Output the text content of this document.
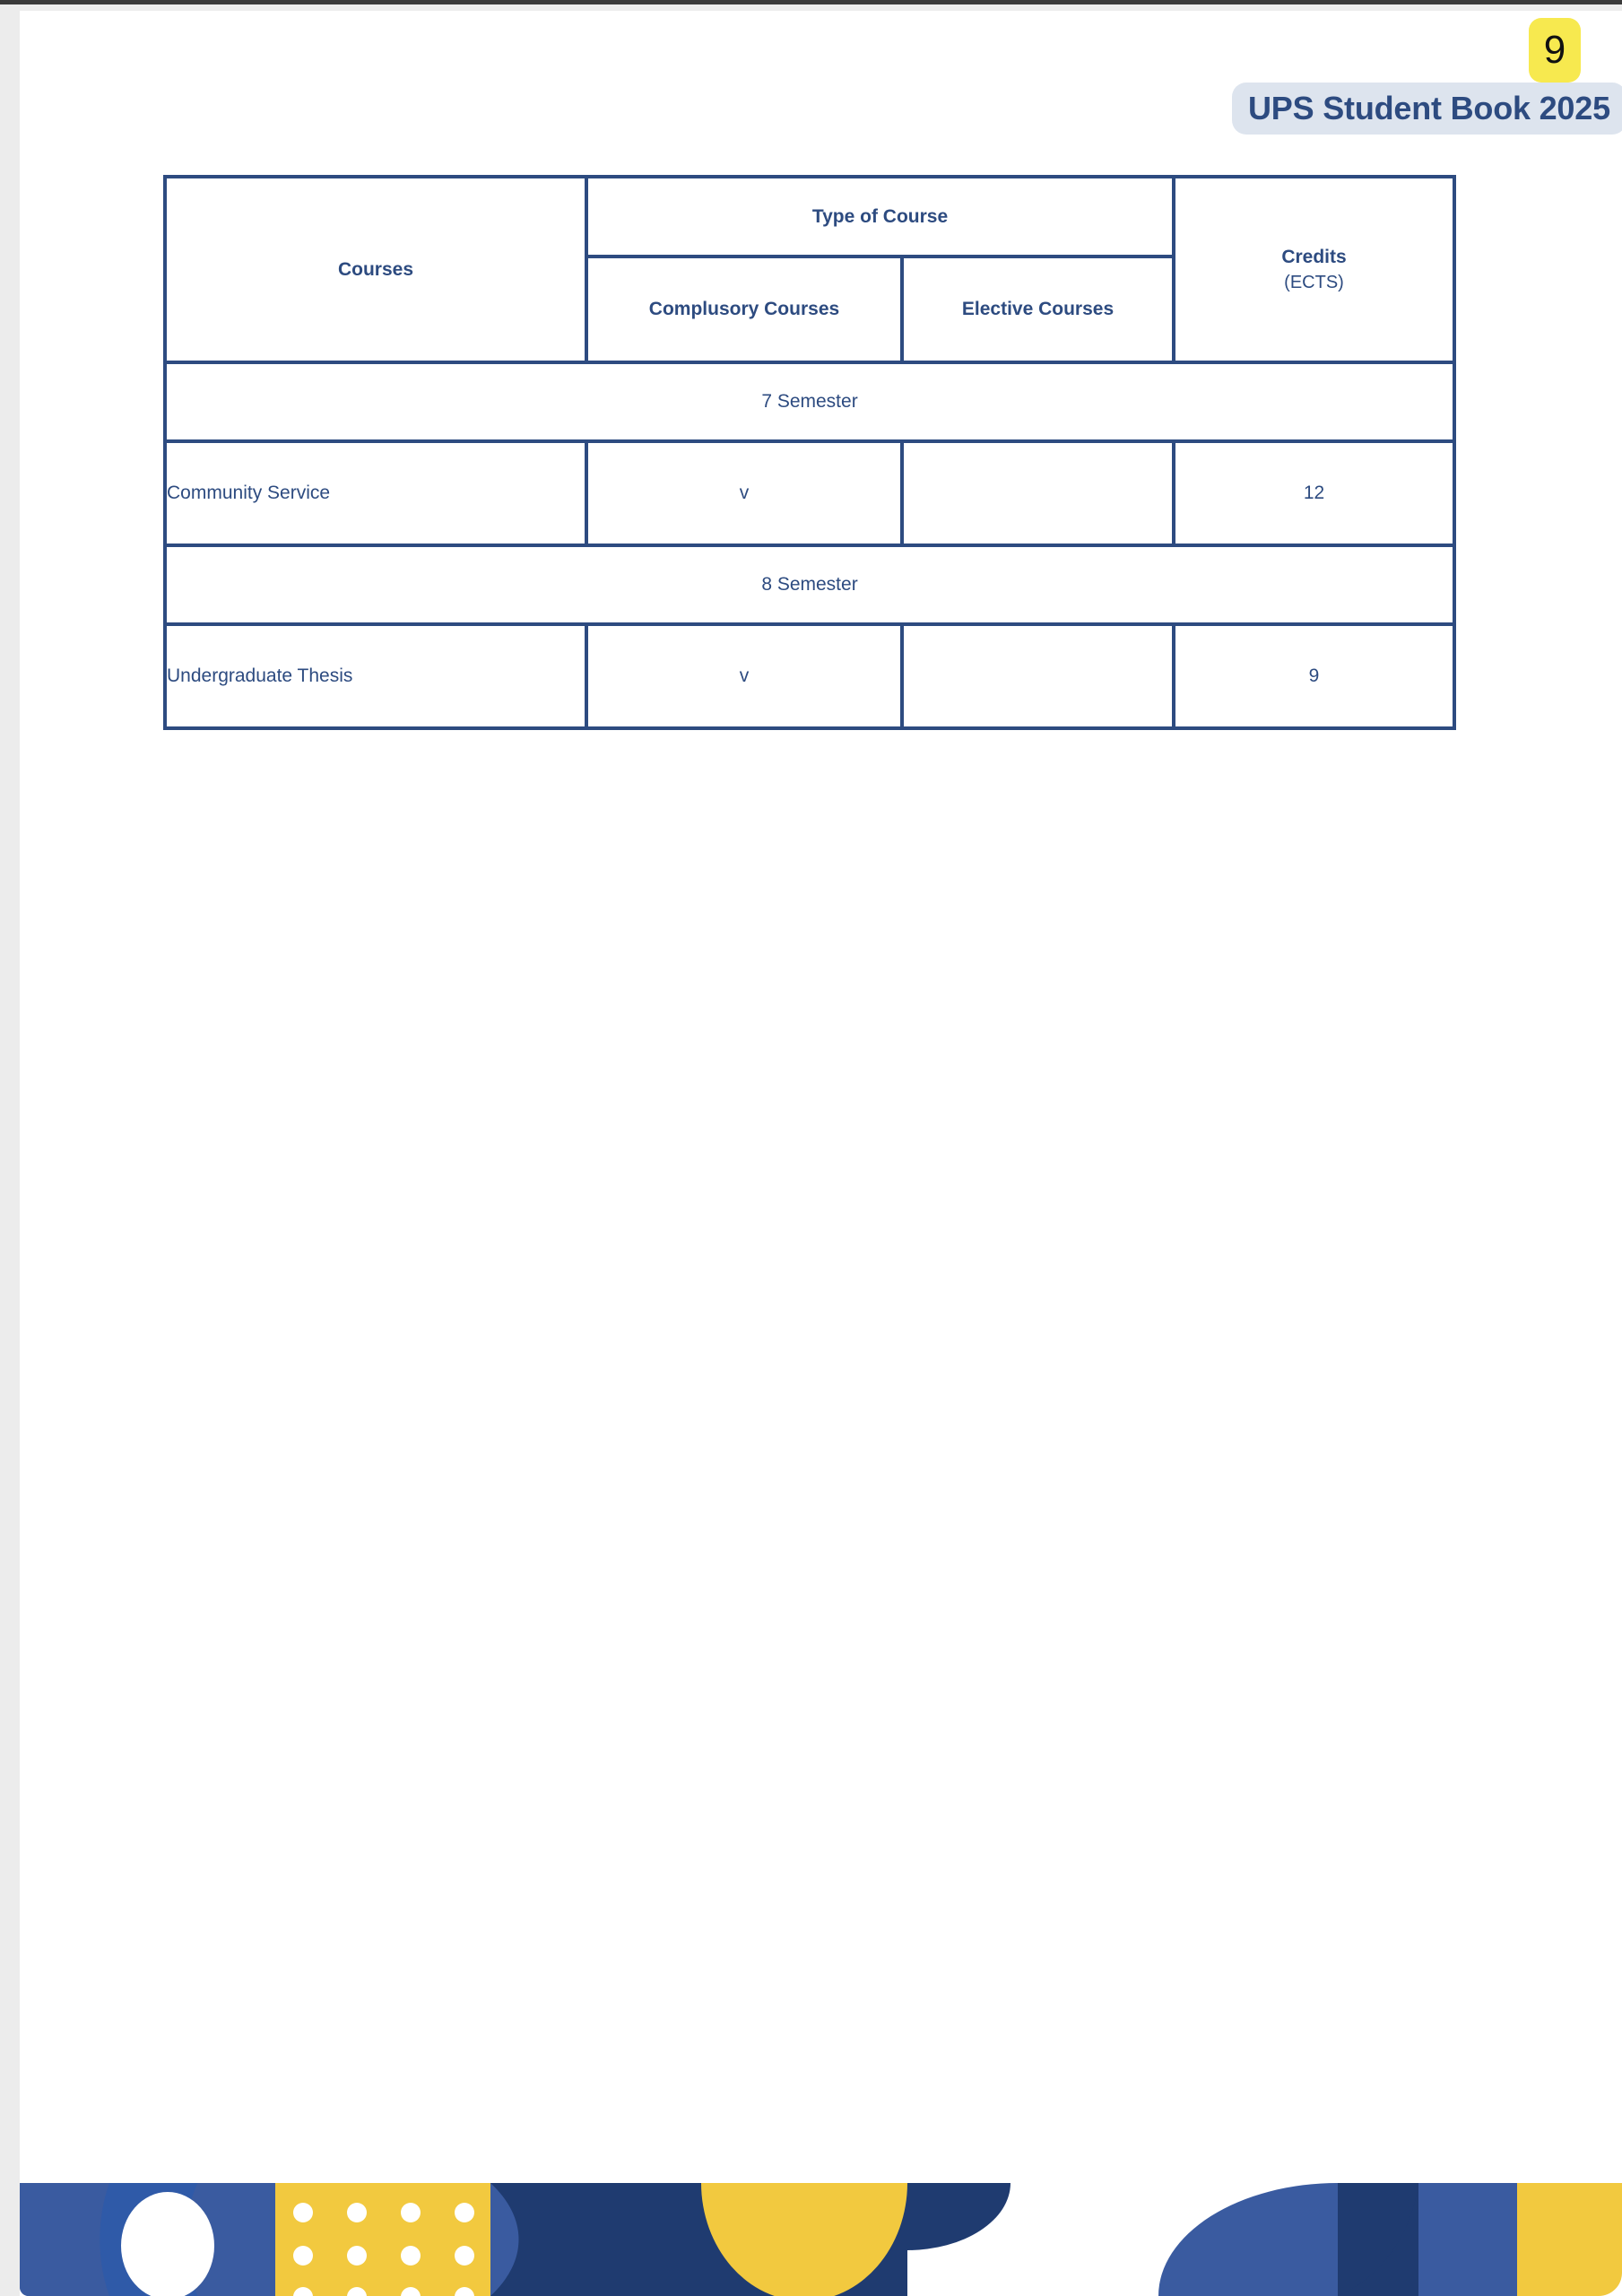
9
UPS Student Book 2025
Courses	Type of Course		Credits
(ECTS)
	Complusory Courses	Elective Courses	
7 Semester			
Community Service	v		12
8 Semester			
Undergraduate Thesis	v		9
